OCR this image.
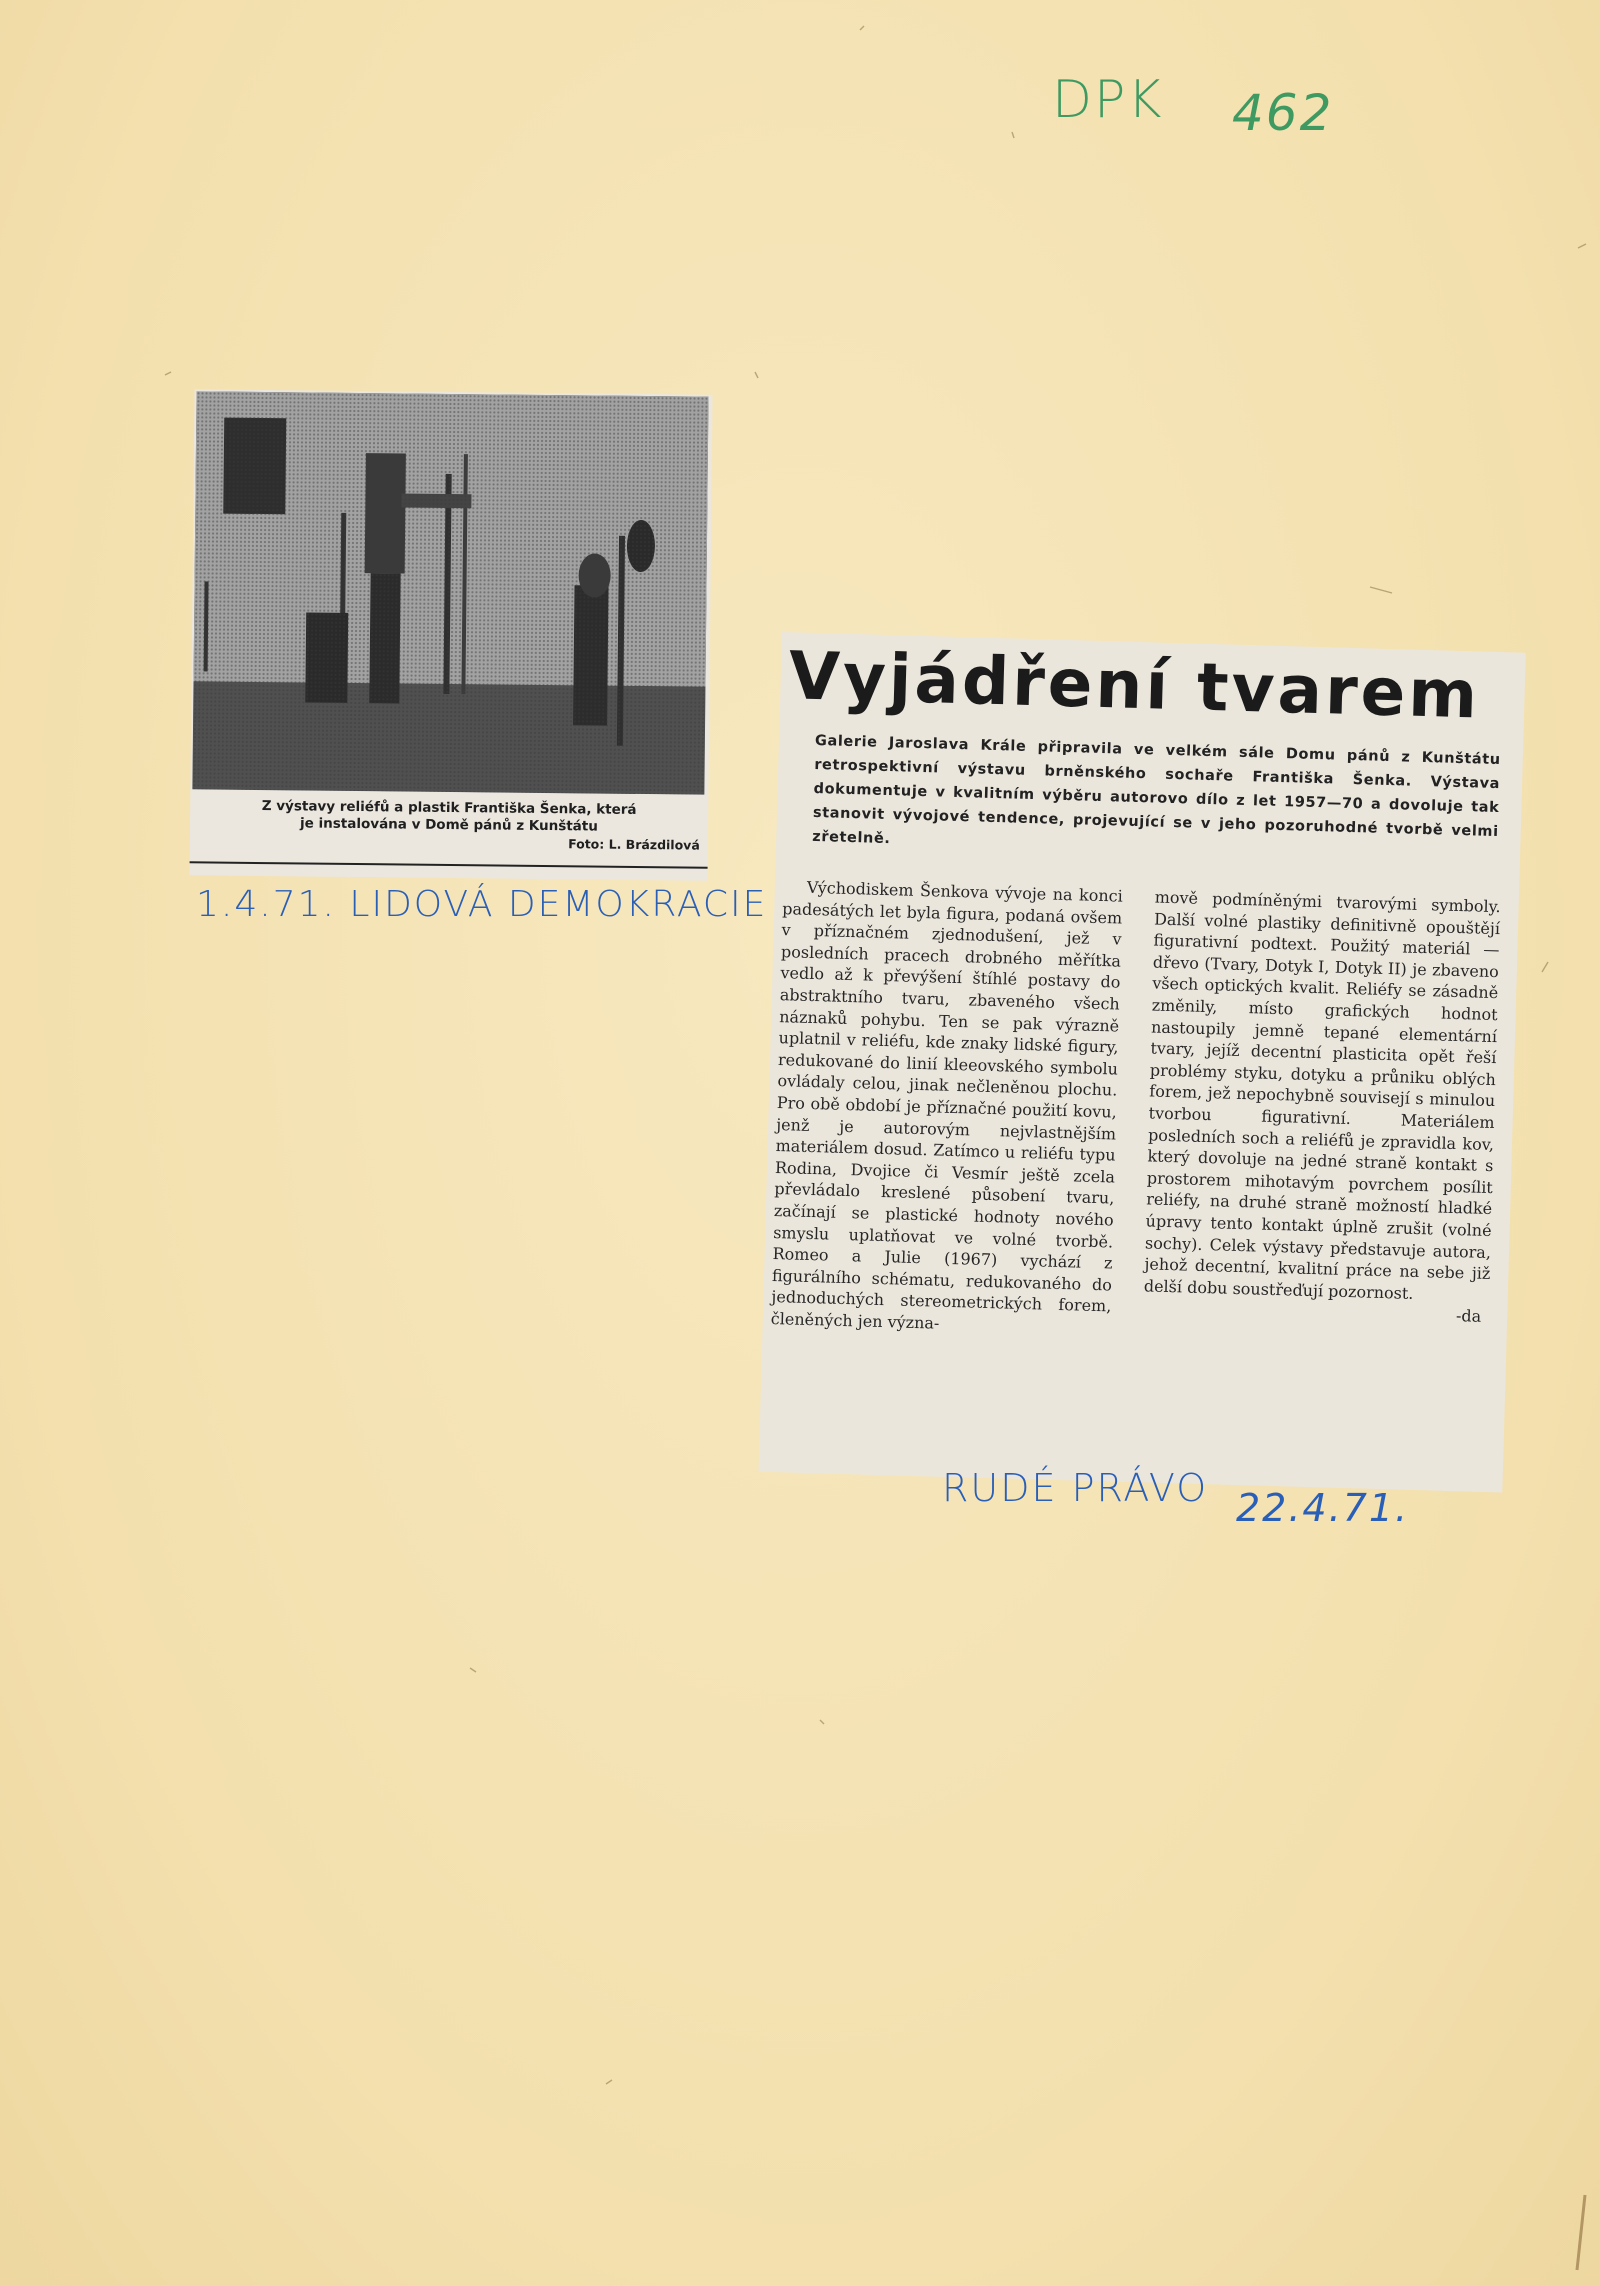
DPK 462
Z výstavy reliéfů a plastik Františka Šenka, která
je instalována v Domě pánů z Kunštátu
Foto: L. Brázdilová
1.4.71. LIDOVÁ DEMOKRACIE
Vyjádření tvarem
Galerie Jaroslava Krále připravila ve velkém sále Domu pánů z Kunštátu retrospektivní výstavu brněnského sochaře Františka Šenka. Výstava dokumentuje v kvalitním výběru autorovo dílo z let 1957—70 a dovoluje tak stanovit vývojové tendence, projevující se v jeho pozoruhodné tvorbě velmi zřetelně.

Východiskem Šenkova vývoje na konci padesátých let byla figura, podaná ovšem v příznačném zjednodušení, jež v posledních pracech drobného měřítka vedlo až k převýšení štíhlé postavy do abstraktního tvaru, zbaveného všech náznaků pohybu. Ten se pak výrazně uplatnil v reliéfu, kde znaky lidské figury, redukované do linií kleeovského symbolu ovládaly celou, jinak nečleněnou plochu. Pro obě období je příznačné použití kovu, jenž je autorovým nejvlastnějším materiálem dosud. Zatímco u reliéfu typu Rodina, Dvojice či Vesmír ještě zcela převládalo kreslené působení tvaru, začínají se plastické hodnoty nového smyslu uplatňovat ve volné tvorbě. Romeo a Julie (1967) vychází z figurálního schématu, redukovaného do jednoduchých stereometrických forem, členěných jen význa-

mově podmíněnými tvarovými symboly. Další volné plastiky definitivně opouštějí figurativní podtext. Použitý materiál — dřevo (Tvary, Dotyk I, Dotyk II) je zbaveno všech optických kvalit. Reliéfy se zásadně změnily, místo grafických hodnot nastoupily jemně tepané elementární tvary, jejíž decentní plasticita opět řeší problémy styku, dotyku a průniku oblých forem, jež nepochybně souvisejí s minulou tvorbou figurativní. Materiálem posledních soch a reliéfů je zpravidla kov, který dovoluje na jedné straně kontakt s prostorem mihotavým povrchem posílit reliéfy, na druhé straně možností hladké úpravy tento kontakt úplně zrušit (volné sochy). Celek výstavy představuje autora, jehož decentní, kvalitní práce na sebe již delší dobu soustřeďují pozornost.

-da
RUDÉ PRÁVO 22.4.71.
